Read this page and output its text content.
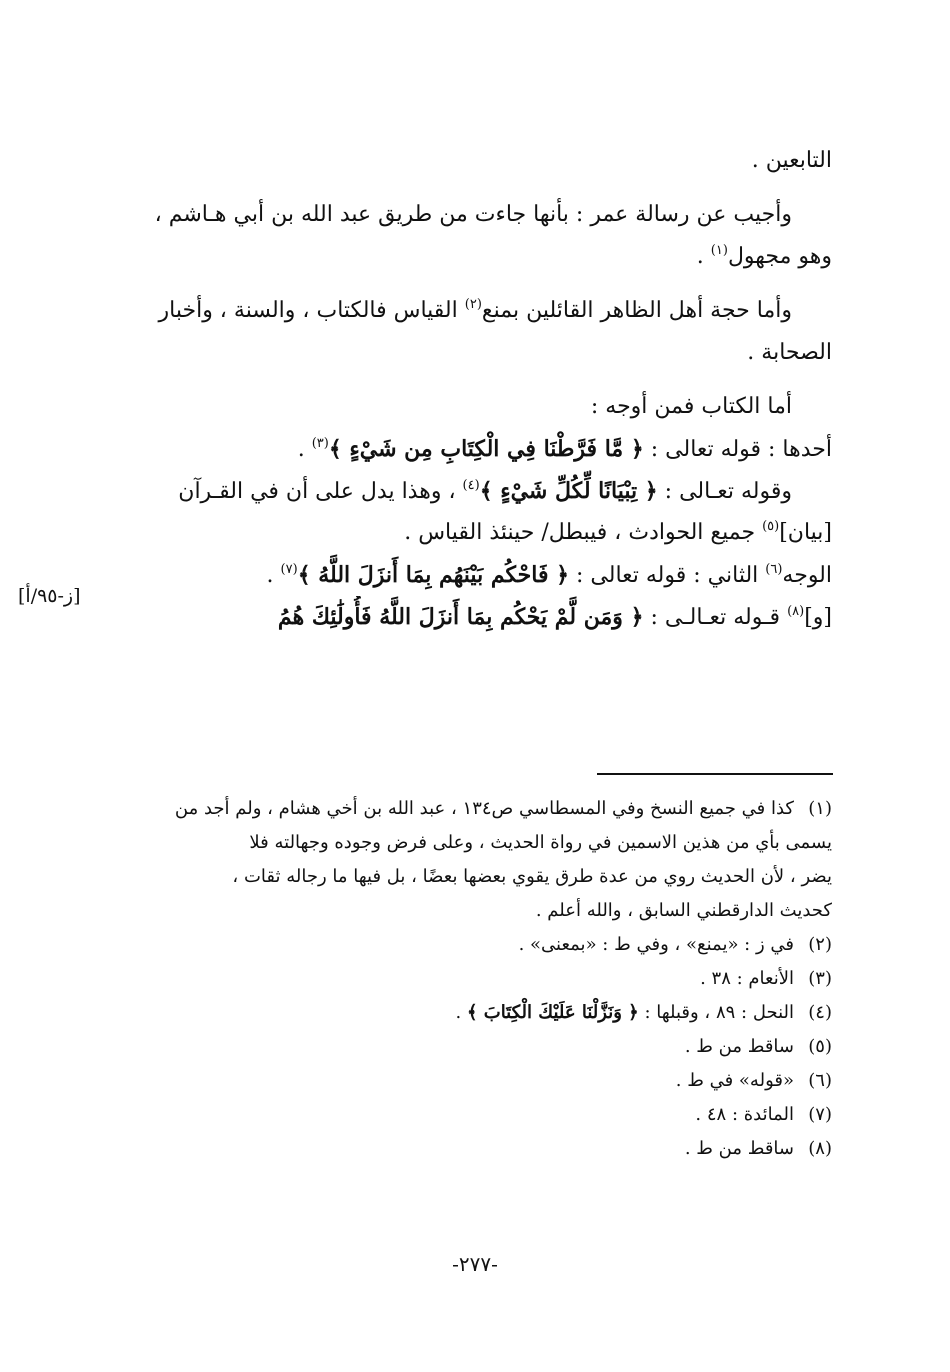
التابعين .
وأجيب عن رسالة عمر : بأنها جاءت من طريق عبد الله بن أبي هـاشم ،
وهو مجهول$^{(١)}$ .
وأما حجة أهل الظاهر القائلين بمنع$^{(٢)}$ القياس فالكتاب ، والسنة ، وأخبار
الصحابة .
أما الكتاب فمن أوجه :
أحدها : قوله تعالى : ﴿ مَّا فَرَّطْنَا فِي الْكِتَابِ مِن شَيْءٍ ﴾$^{(٣)}$ .
وقوله تعـالى : ﴿ تِبْيَانًا لِّكُلِّ شَيْءٍ ﴾$^{(٤)}$ ، وهذا يدل على أن في القـرآن
[بيان]$^{(٥)}$ جميع الحوادث ، فيبطل/ حينئذ القياس .
الوجه$^{(٦)}$ الثاني : قوله تعالى : ﴿ فَاحْكُم بَيْنَهُم بِمَا أَنزَلَ اللَّهُ ﴾$^{(٧)}$ .
[و]$^{(٨)}$ قـوله تعـالـى : ﴿ وَمَن لَّمْ يَحْكُم بِمَا أَنزَلَ اللَّهُ فَأُولَٰئِكَ هُمُ
[ز-٩٥/أ]
(١)كذا في جميع النسخ وفي المسطاسي ص١٣٤ ، عبد الله بن أخي هشام ، ولم أجد من
يسمى بأي من هذين الاسمين في رواة الحديث ، وعلى فرض وجوده وجهالته فلا
يضر ، لأن الحديث روي من عدة طرق يقوي بعضها بعضًا ، بل فيها ما رجاله ثقات ،
كحديث الدارقطني السابق ، والله أعلم .
(٢)في ز : «يمنع» ، وفي ط : «بمعنى» .
(٣)الأنعام : ٣٨ .
(٤)النحل : ٨٩ ، وقبلها : ﴿ وَنَزَّلْنَا عَلَيْكَ الْكِتَابَ ﴾ .
(٥)ساقط من ط .
(٦)«قوله» في ط .
(٧)المائدة : ٤٨ .
(٨)ساقط من ط .
-٢٧٧-
